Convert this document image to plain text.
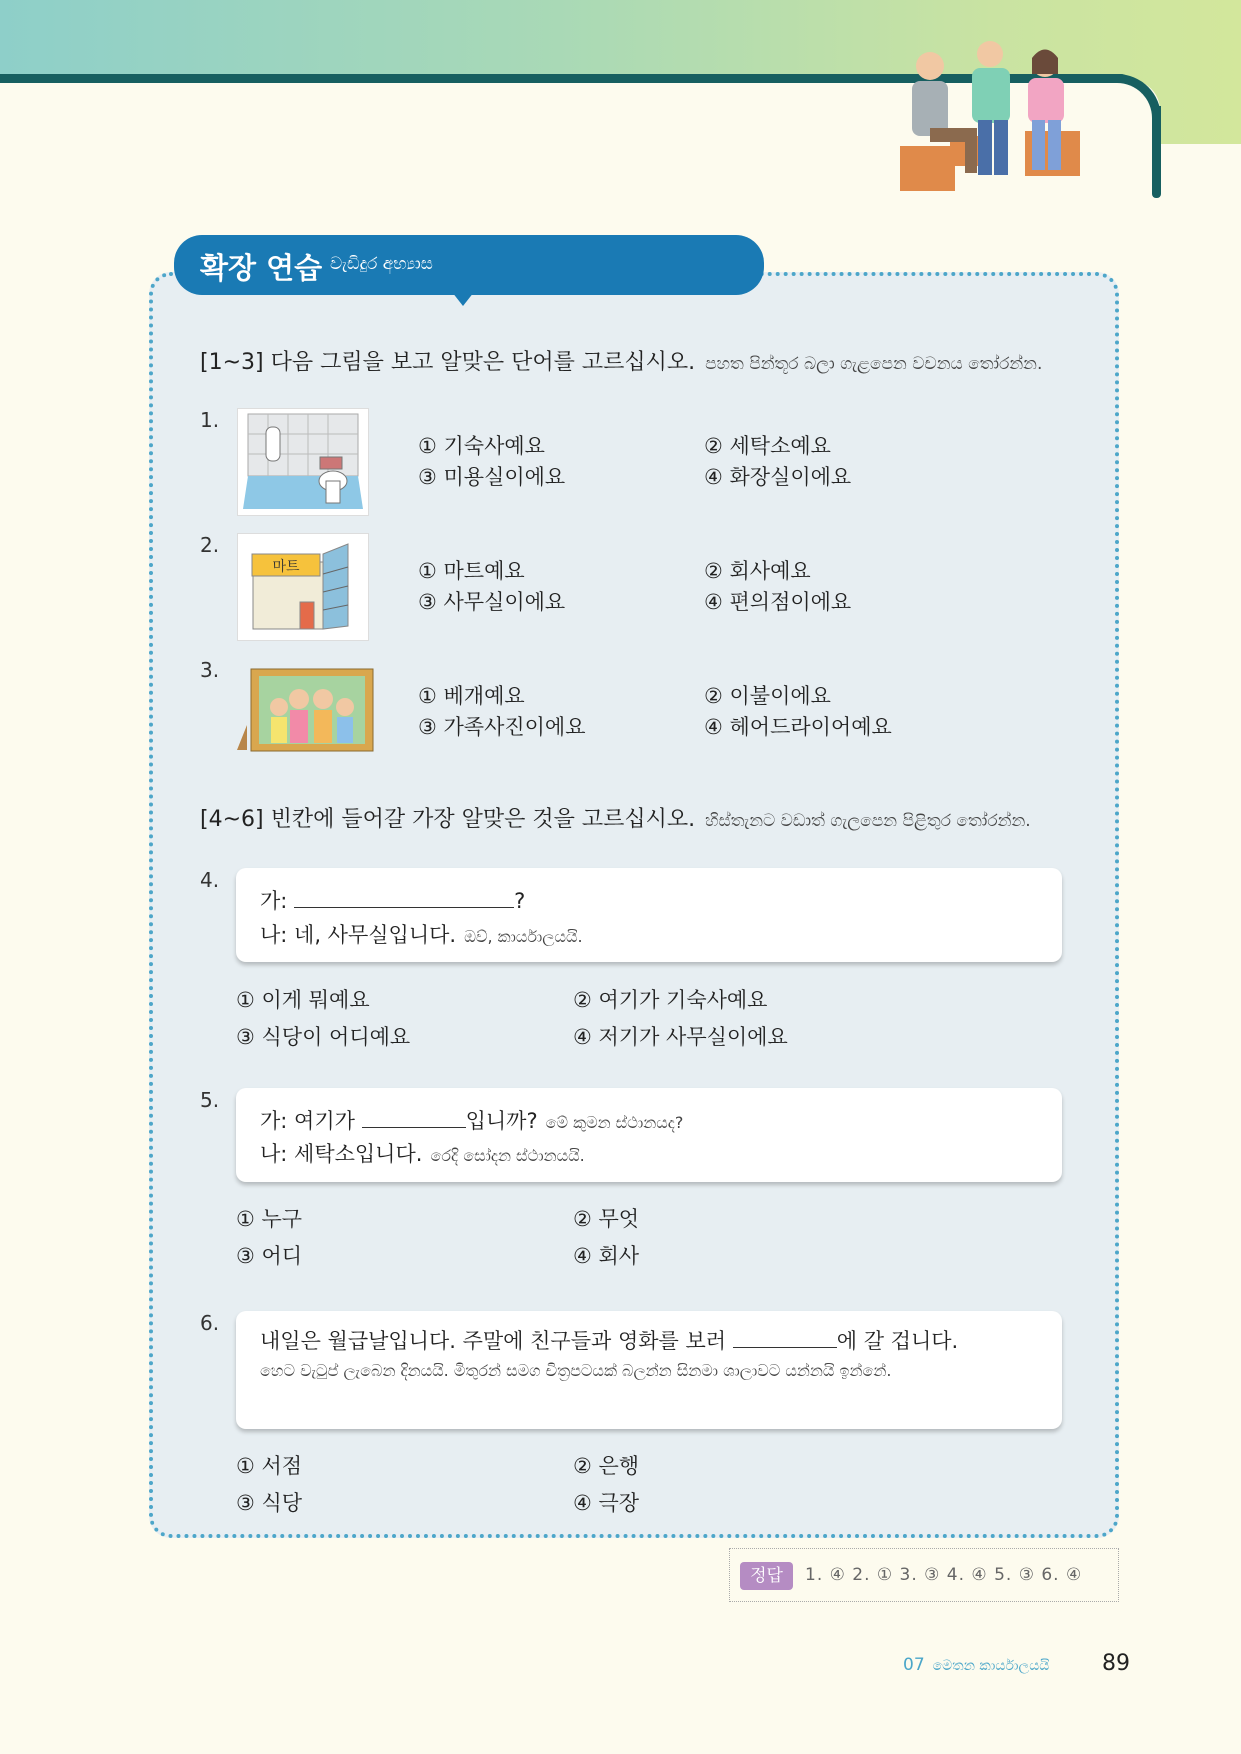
확장 연습 වැඩිදුර අභ්‍යාස
[1~3] 다음 그림을 보고 알맞은 단어를 고르십시오. පහත පින්තූර බලා ගැළපෙන වචනය තෝරන්න.
1.
① 기숙사예요	② 세탁소예요
③ 미용실이에요	④ 화장실이에요
2.
마트	① 마트예요	② 회사예요
③ 사무실이에요	④ 편의점이에요
3.
① 베개예요	② 이불이에요
③ 가족사진이에요	④ 헤어드라이어예요
[4~6] 빈칸에 들어갈 가장 알맞은 것을 고르십시오. හිස්තැනට වඩාත් ගැලපෙන පිළිතුර තෝරන්න.
4.
가:	?
나: 네, 사무실입니다. ඔව්, කාර්යාලයයි.
① 이게 뭐예요	② 여기가 기숙사예요
③ 식당이 어디예요	④ 저기가 사무실이에요
5.
가: 여기가	입니까? මේ කුමන ස්ථානයද?
나: 세탁소입니다. රෙදි සෝදන ස්ථානයයි.
① 누구	② 무엇
③ 어디	④ 회사
6.
내일은 월급날입니다. 주말에 친구들과 영화를 보러	에 갈 겁니다.
හෙට වැටුප් ලැබෙන දිනයයි. මිතුරන් සමග චිත්‍රපටයක් බලන්න සිනමා ශාලාවට යන්නයි ඉන්නේ.
① 서점	② 은행
③ 식당	④ 극장
정답	1. ④ 2. ① 3. ③ 4. ④ 5. ③ 6. ④
07 මෙතන කාර්යාලයයි 89
